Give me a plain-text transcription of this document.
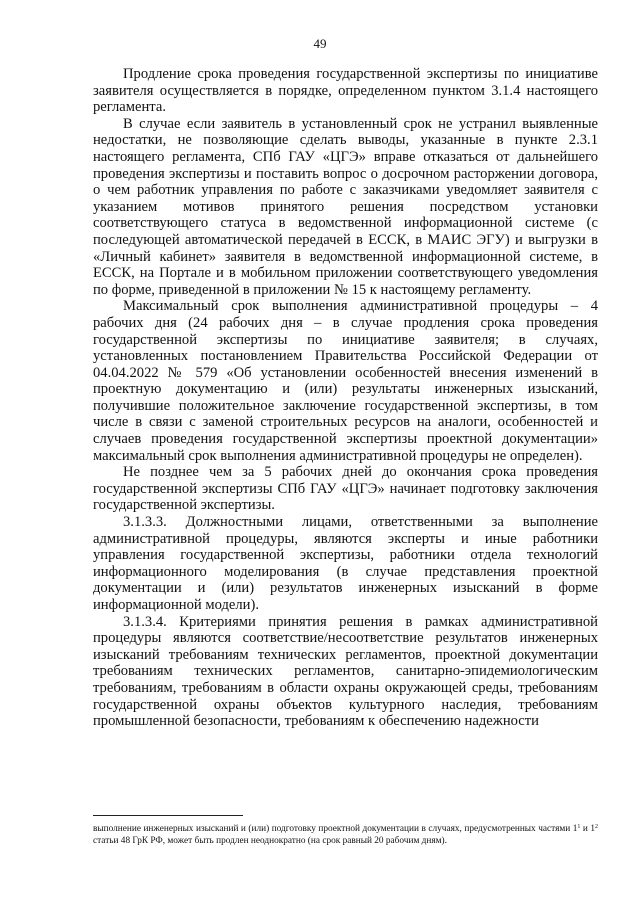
49

Продление срока проведения государственной экспертизы по инициативе заявителя осуществляется в порядке, определенном пунктом 3.1.4 настоящего регламента.

В случае если заявитель в установленный срок не устранил выявленные недостатки, не позволяющие сделать выводы, указанные в пункте 2.3.1 настоящего регламента, СПб ГАУ «ЦГЭ» вправе отказаться от дальнейшего проведения экспертизы и поставить вопрос о досрочном расторжении договора, о чем работник управления по работе с заказчиками уведомляет заявителя с указанием мотивов принятого решения посредством установки соответствующего статуса в ведомственной информационной системе (с последующей автоматической передачей в ЕССК, в МАИС ЭГУ) и выгрузки в «Личный кабинет» заявителя в ведомственной информационной системе, в ЕССК, на Портале и в мобильном приложении соответствующего уведомления по форме, приведенной в приложении № 15 к настоящему регламенту.

Максимальный срок выполнения административной процедуры – 4 рабочих дня (24 рабочих дня – в случае продления срока проведения государственной экспертизы по инициативе заявителя; в случаях, установленных постановлением Правительства Российской Федерации от 04.04.2022 № 579 «Об установлении особенностей внесения изменений в проектную документацию и (или) результаты инженерных изысканий, получившие положительное заключение государственной экспертизы, в том числе в связи с заменой строительных ресурсов на аналоги, особенностей и случаев проведения государственной экспертизы проектной документации» максимальный срок выполнения административной процедуры не определен).

Не позднее чем за 5 рабочих дней до окончания срока проведения государственной экспертизы СПб ГАУ «ЦГЭ» начинает подготовку заключения государственной экспертизы.

3.1.3.3. Должностными лицами, ответственными за выполнение административной процедуры, являются эксперты и иные работники управления государственной экспертизы, работники отдела технологий информационного моделирования (в случае представления проектной документации и (или) результатов инженерных изысканий в форме информационной модели).

3.1.3.4. Критериями принятия решения в рамках административной процедуры являются соответствие/несоответствие результатов инженерных изысканий требованиям технических регламентов, проектной документации требованиям технических регламентов, санитарно-эпидемиологическим требованиям, требованиям в области охраны окружающей среды, требованиям государственной охраны объектов культурного наследия, требованиям промышленной безопасности, требованиям к обеспечению надежности

выполнение инженерных изысканий и (или) подготовку проектной документации в случаях, предусмотренных частями $1^1$ и $1^2$ статьи 48 ГрК РФ, может быть продлен неоднократно (на срок равный 20 рабочим дням).
